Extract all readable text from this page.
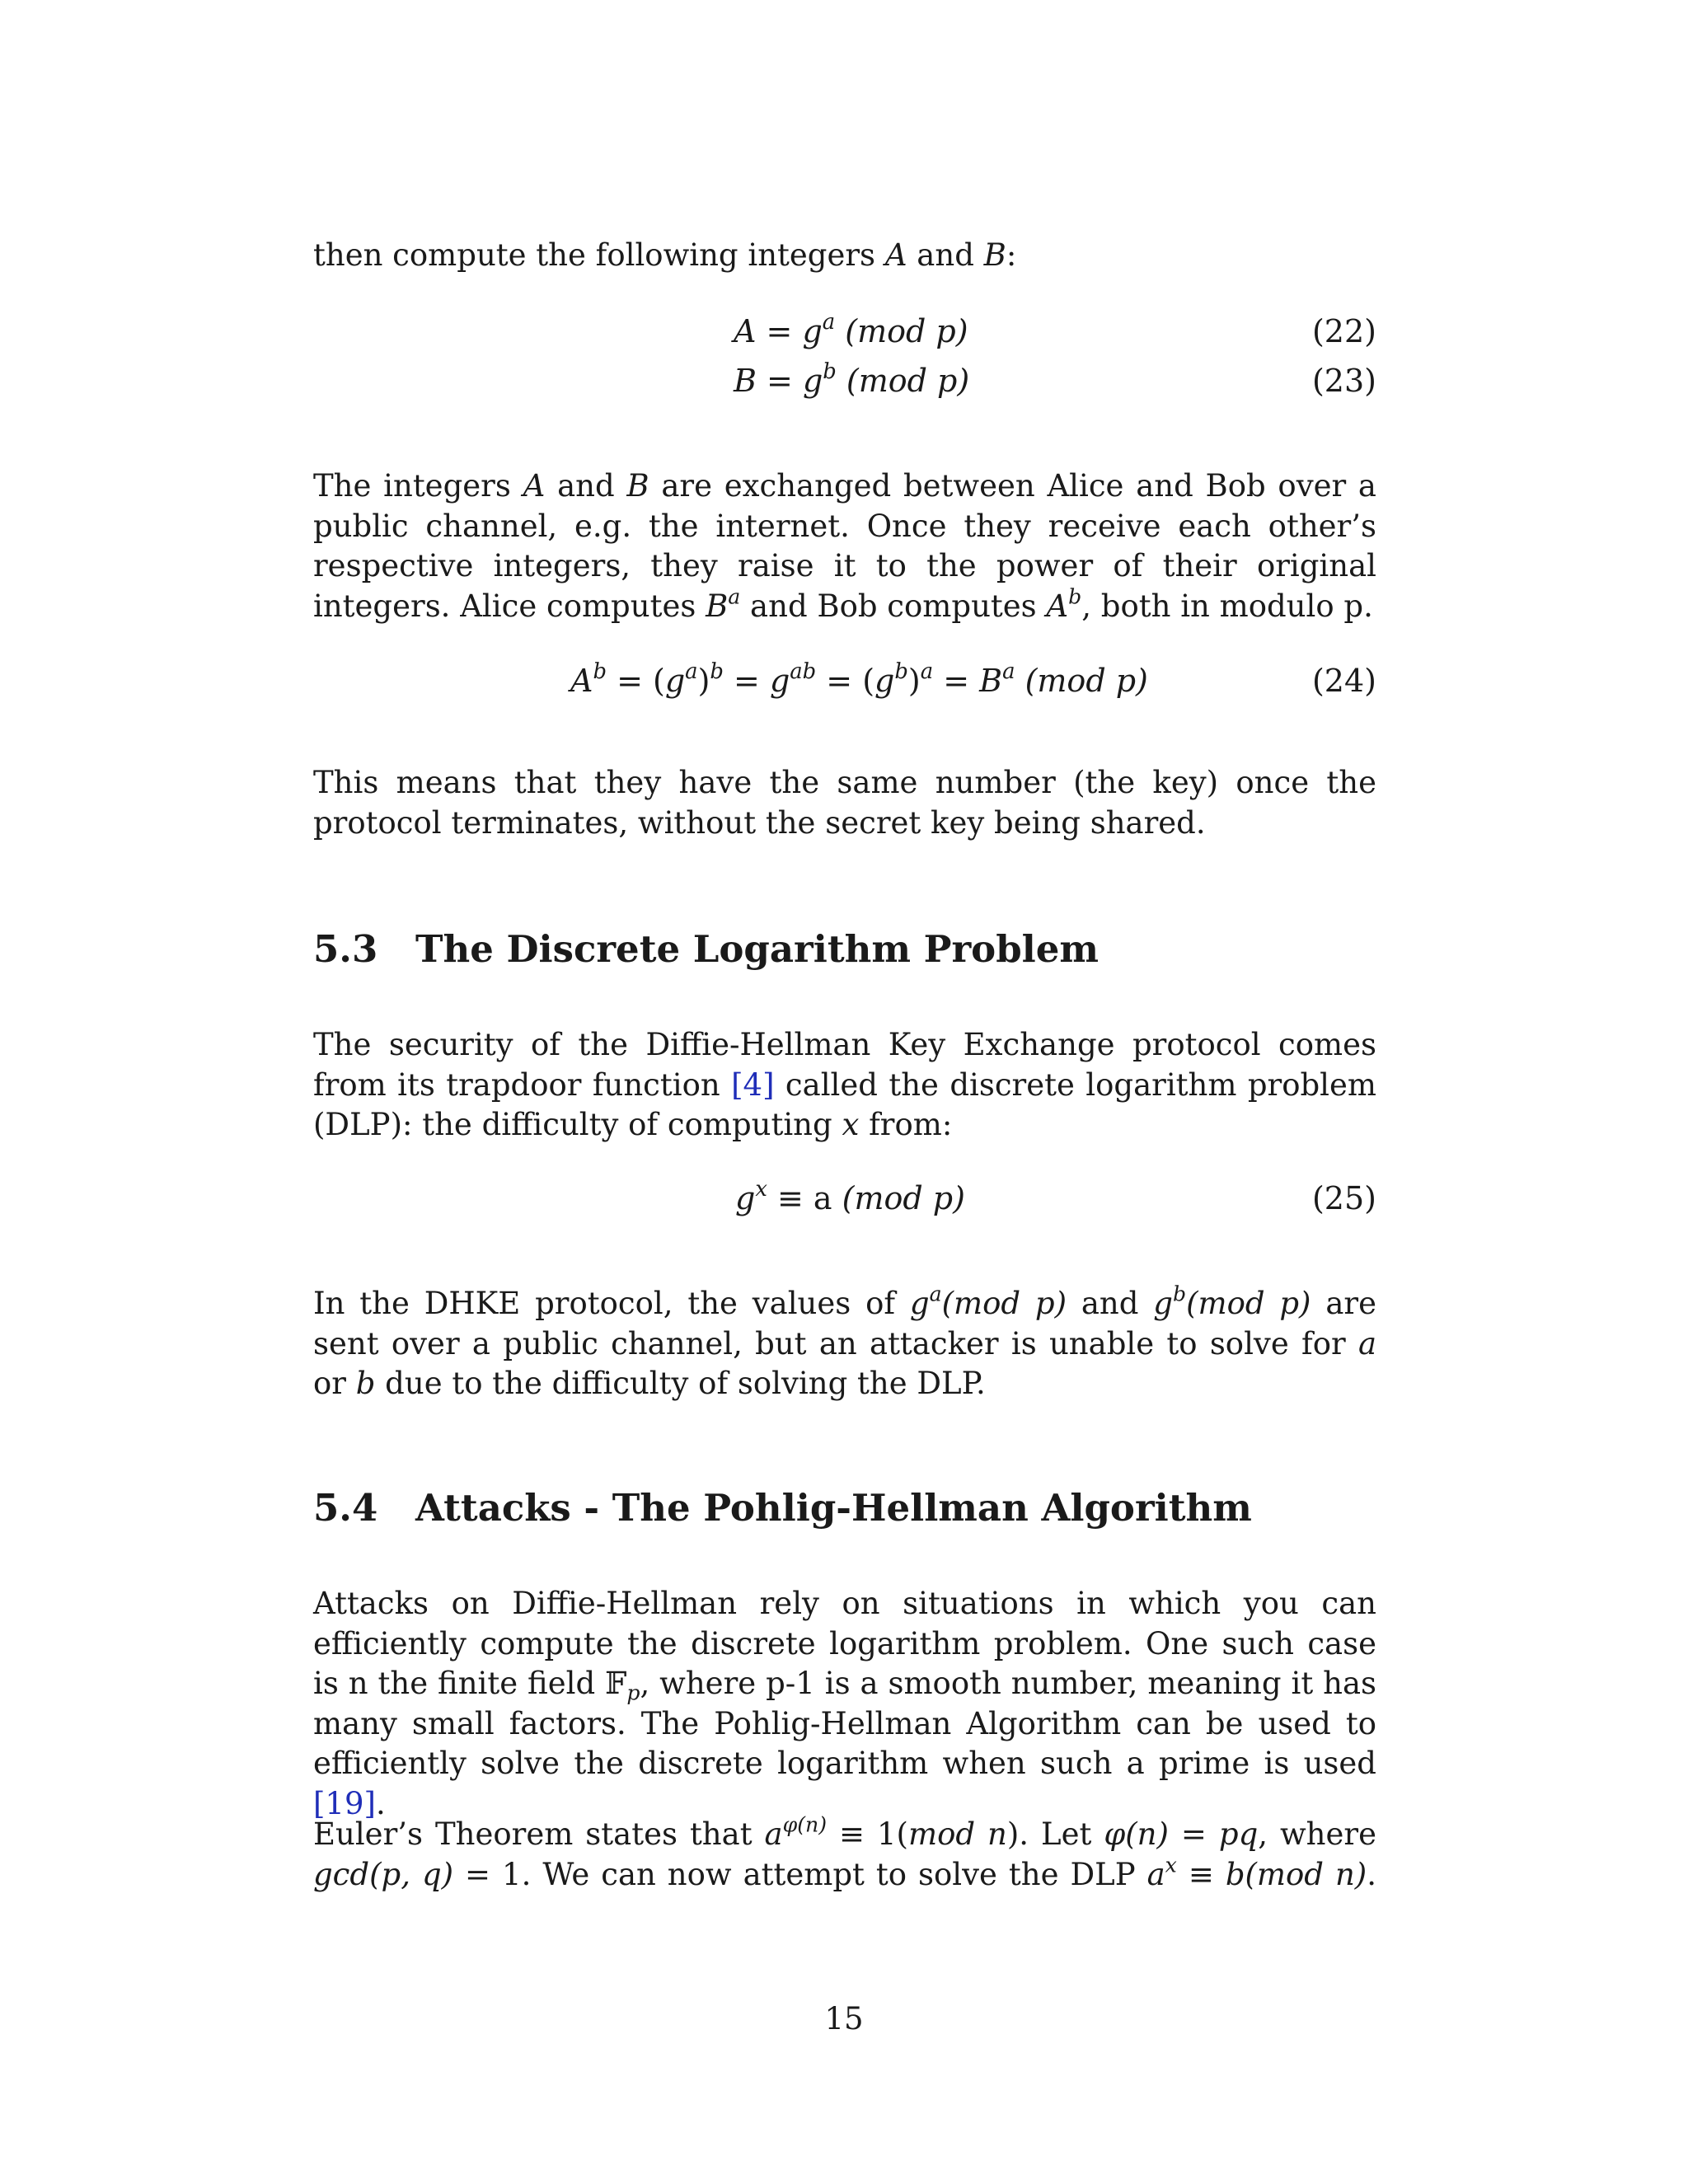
then compute the following integers A and B:

$A = g^a$ (mod p)	(22)
$B = g^b$ (mod p)	(23)

The integers A and B are exchanged between Alice and Bob over a public channel, e.g. the internet. Once they receive each other’s respective integers, they raise it to the power of their original integers. Alice computes $B^a$ and Bob computes $A^b$, both in modulo p.

$A^b = (g^a)^b = g^{ab} = (g^b)^a = B^a$ (mod p)	(24)

This means that they have the same number (the key) once the protocol terminates, without the secret key being shared.

5.3 The Discrete Logarithm Problem

The security of the Diffie-Hellman Key Exchange protocol comes from its trapdoor function [4] called the discrete logarithm problem (DLP): the difficulty of computing x from:

$g^x \equiv a$ (mod p)	(25)

In the DHKE protocol, the values of $g^a(mod$ p) and $g^b(mod$ p) are sent over a public channel, but an attacker is unable to solve for a or b due to the difficulty of solving the DLP.

5.4 Attacks - The Pohlig-Hellman Algorithm

Attacks on Diffie-Hellman rely on situations in which you can efficiently compute the discrete logarithm problem. One such case is n the finite field 𝔽$_p$, where p-1 is a smooth number, meaning it has many small factors. The Pohlig-Hellman Algorithm can be used to efficiently solve the discrete logarithm when such a prime is used [19].

Euler’s Theorem states that $a^{\varphi(n)} \equiv 1(mod$ n). Let φ(n) = pq, where gcd(p, q) = 1. We can now attempt to solve the DLP $a^x \equiv b(mod$ n).

15
